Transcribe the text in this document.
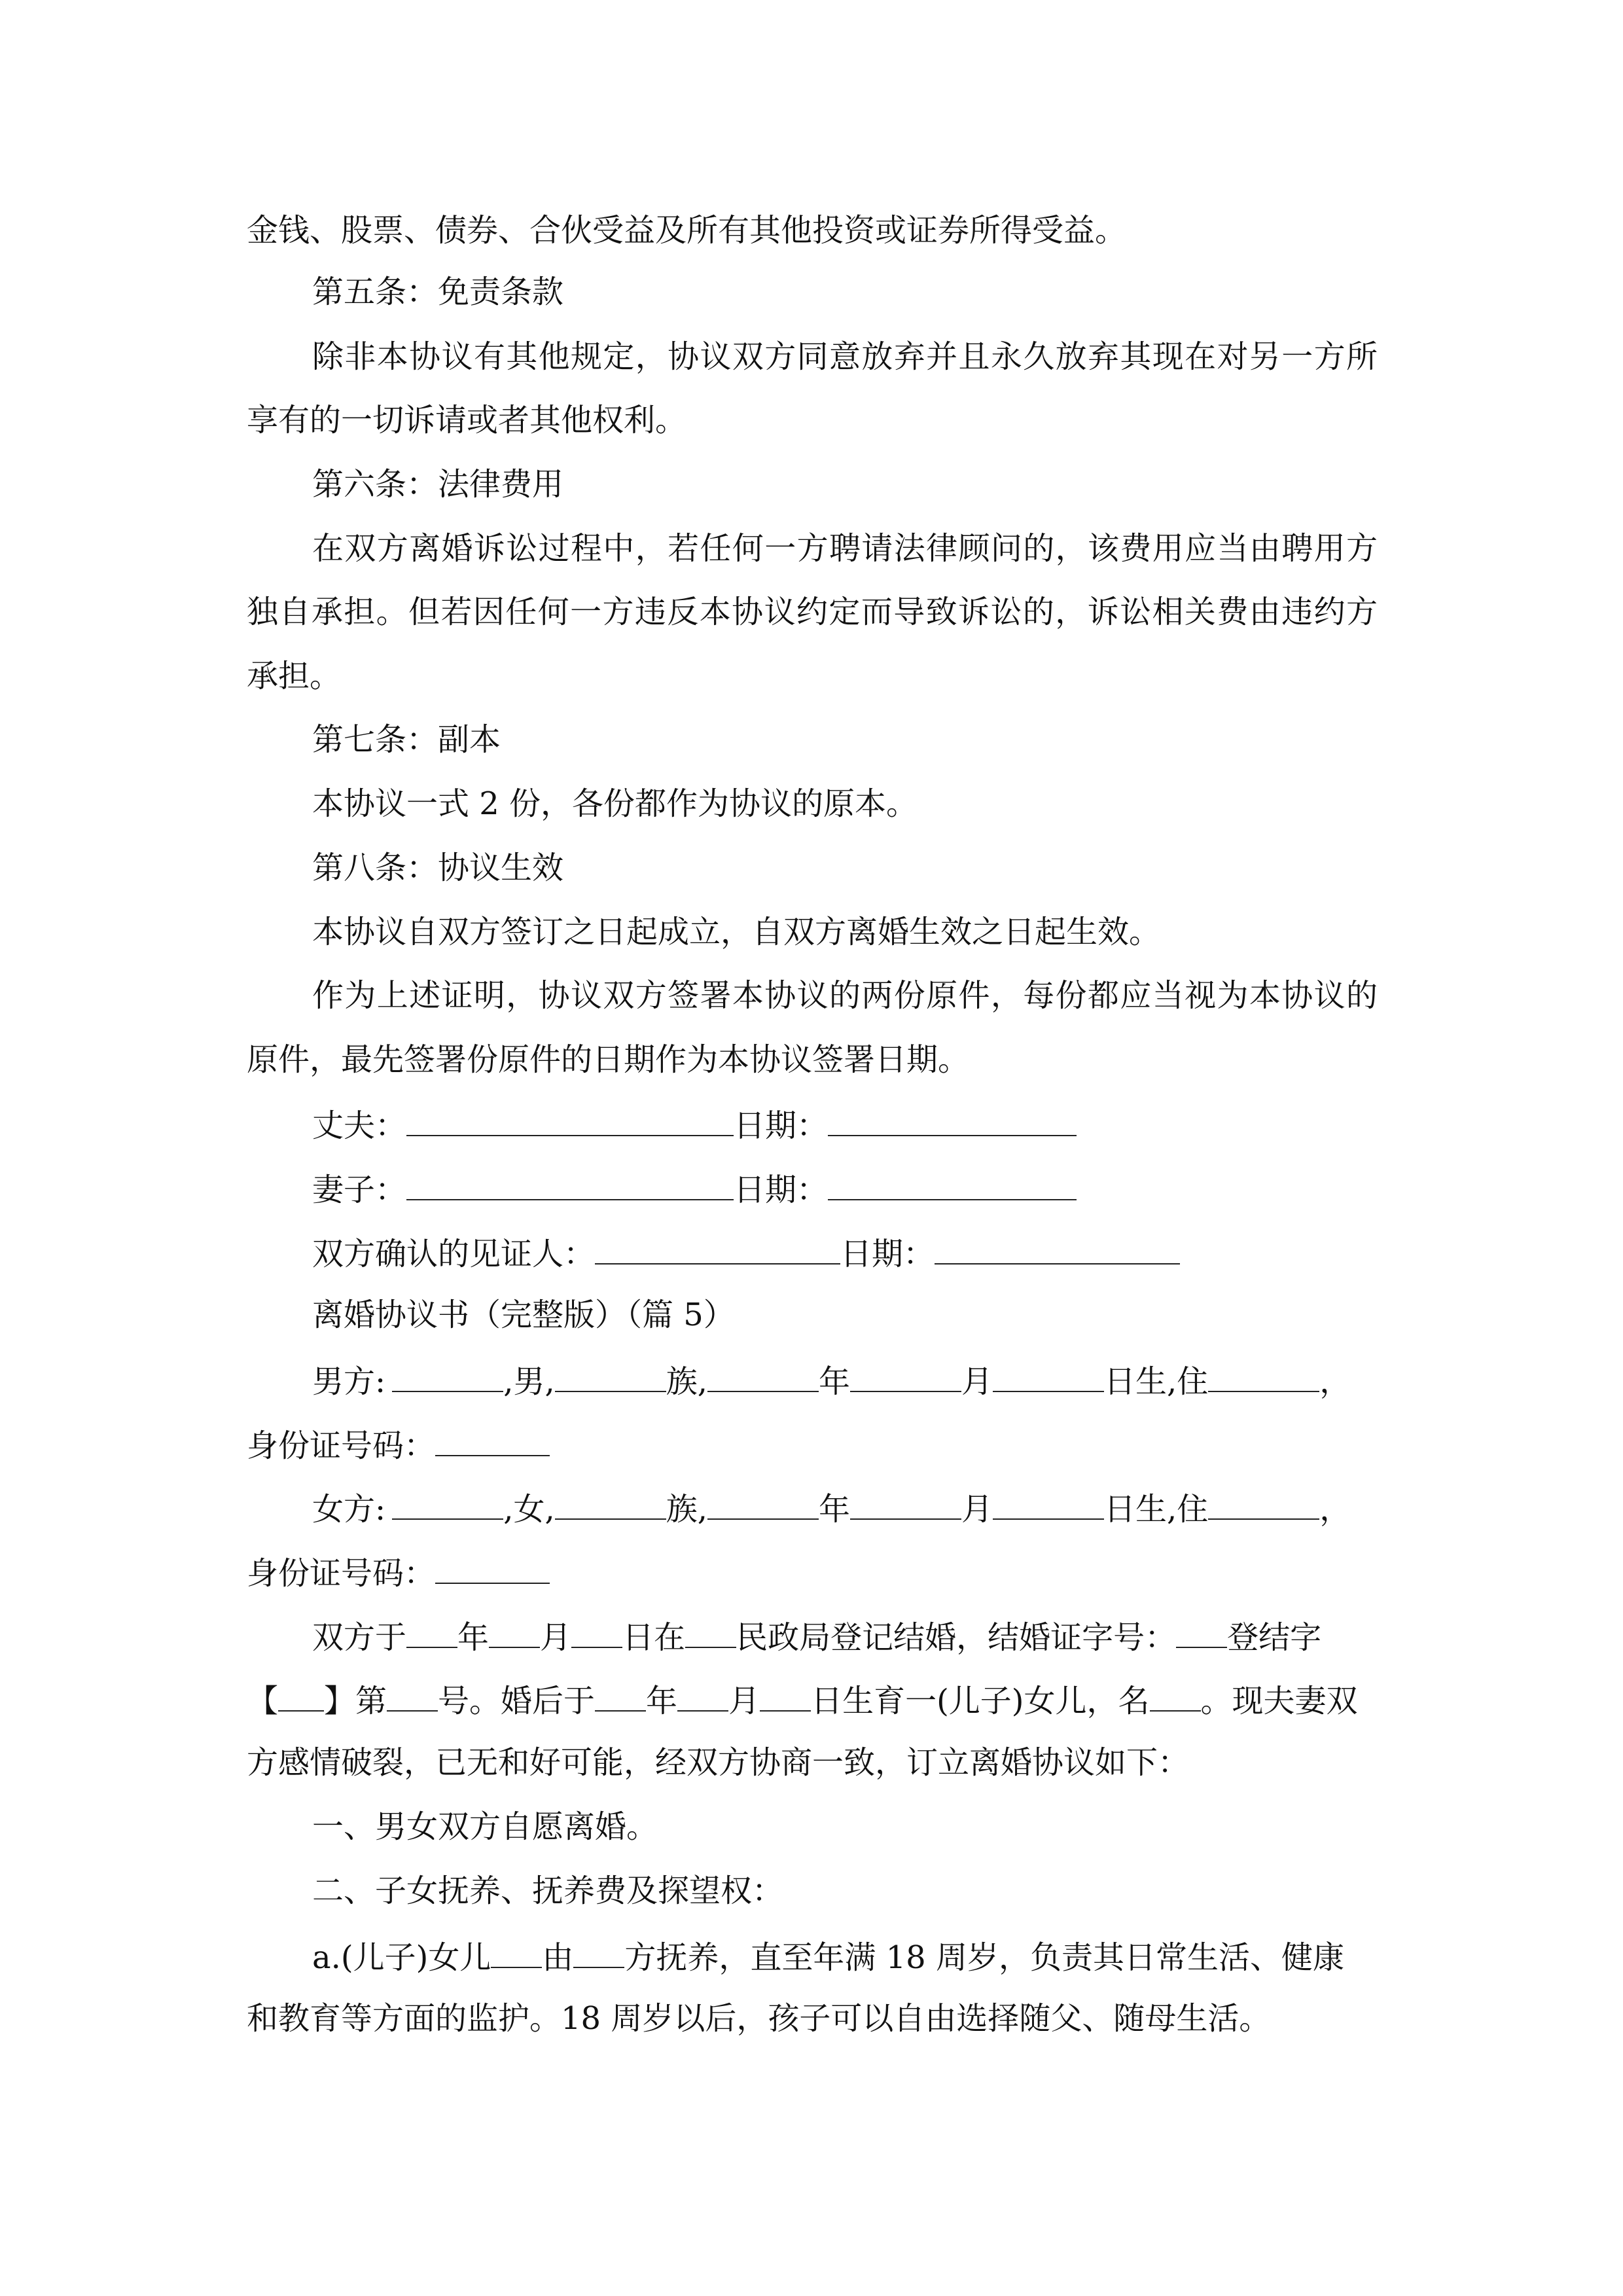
金钱、股票、债券、合伙受益及所有其他投资或证券所得受益。
第五条：免责条款
除非本协议有其他规定，协议双方同意放弃并且永久放弃其现在对另一方所
享有的一切诉请或者其他权利。
第六条：法律费用
在双方离婚诉讼过程中，若任何一方聘请法律顾问的，该费用应当由聘用方
独自承担。但若因任何一方违反本协议约定而导致诉讼的，诉讼相关费由违约方
承担。
第七条：副本
本协议一式 2 份，各份都作为协议的原本。
第八条：协议生效
本协议自双方签订之日起成立，自双方离婚生效之日起生效。
作为上述证明，协议双方签署本协议的两份原件，每份都应当视为本协议的
原件，最先签署份原件的日期作为本协议签署日期。
丈夫：	日期：
妻子：	日期：
双方确认的见证人：	日期：
离婚协议书（完整版）（篇 5）
男方:	,男,	族,	年	月	日生,住	，
身份证号码：
女方:	,女,	族,	年	月	日生,住	，
身份证号码：
双方于 年 月 日在 民政局登记结婚，结婚证字号： 登结字
【 】第 号。婚后于 年 月 日生育一(儿子)女儿，名 。现夫妻双
方感情破裂，已无和好可能，经双方协商一致，订立离婚协议如下：
一、男女双方自愿离婚。
二、子女抚养、抚养费及探望权：
a.(儿子)女儿 由 方抚养，直至年满 18 周岁，负责其日常生活、健康
和教育等方面的监护。18 周岁以后，孩子可以自由选择随父、随母生活。
